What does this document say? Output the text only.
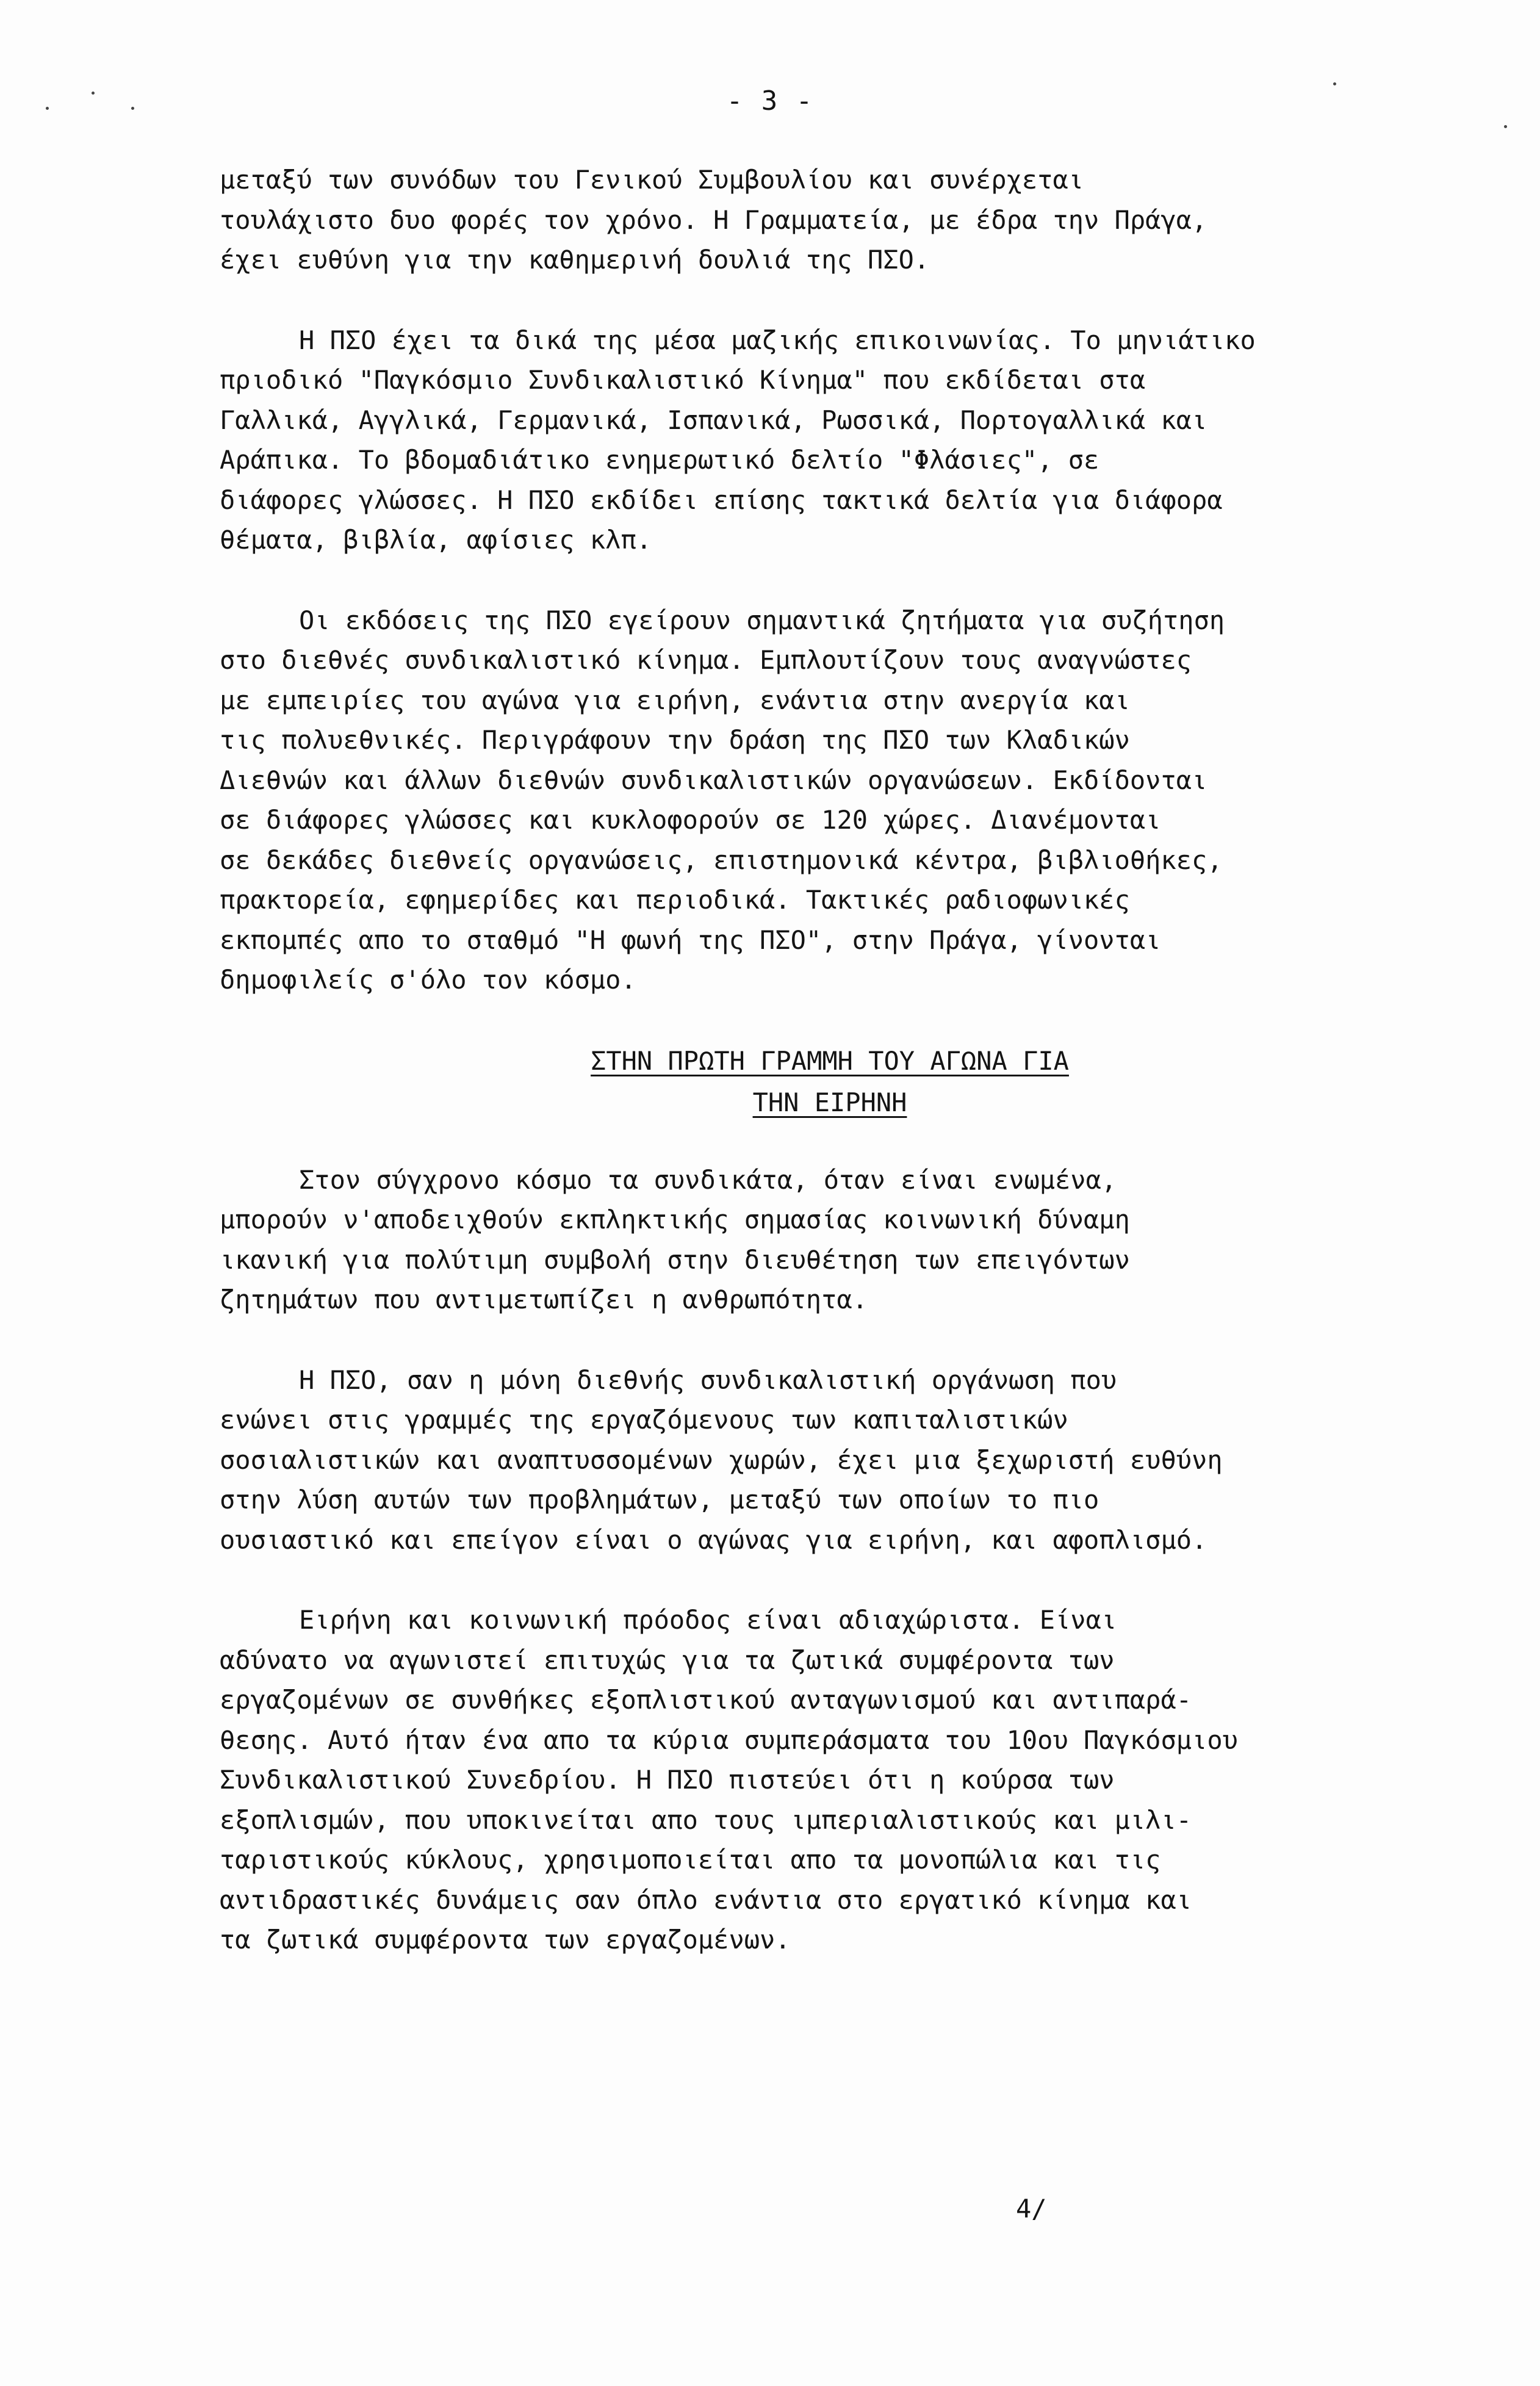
- 3 -
μεταξύ των συνόδων του Γενικού Συμβουλίου και συνέρχεται
τουλάχιστο δυο φορές τον χρόνο. Η Γραμματεία, με έδρα την Πράγα,
έχει ευθύνη για την καθημερινή δουλιά της ΠΣΟ.
Η ΠΣΟ έχει τα δικά της μέσα μαζικής επικοινωνίας. Το μηνιάτικο
πριοδικό "Παγκόσμιο Συνδικαλιστικό Κίνημα" που εκδίδεται στα
Γαλλικά, Αγγλικά, Γερμανικά, Ισπανικά, Ρωσσικά, Πορτογαλλικά και
Αράπικα. Το βδομαδιάτικο ενημερωτικό δελτίο "Φλάσιες", σε
διάφορες γλώσσες. Η ΠΣΟ εκδίδει επίσης τακτικά δελτία για διάφορα
θέματα, βιβλία, αφίσιες κλπ.
Οι εκδόσεις της ΠΣΟ εγείρουν σημαντικά ζητήματα για συζήτηση
στο διεθνές συνδικαλιστικό κίνημα. Εμπλουτίζουν τους αναγνώστες
με εμπειρίες του αγώνα για ειρήνη, ενάντια στην ανεργία και
τις πολυεθνικές. Περιγράφουν την δράση της ΠΣΟ των Κλαδικών
Διεθνών και άλλων διεθνών συνδικαλιστικών οργανώσεων. Εκδίδονται
σε διάφορες γλώσσες και κυκλοφορούν σε 120 χώρες. Διανέμονται
σε δεκάδες διεθνείς οργανώσεις, επιστημονικά κέντρα, βιβλιοθήκες,
πρακτορεία, εφημερίδες και περιοδικά. Τακτικές ραδιοφωνικές
εκπομπές απο το σταθμό "Η φωνή της ΠΣΟ", στην Πράγα, γίνονται
δημοφιλείς σ'όλο τον κόσμο.
ΣΤΗΝ ΠΡΩΤΗ ΓΡΑΜΜΗ ΤΟΥ ΑΓΩΝΑ ΓΙΑ
ΤΗΝ ΕΙΡΗΝΗ
Στον σύγχρονο κόσμο τα συνδικάτα, όταν είναι ενωμένα,
μπορούν ν'αποδειχθούν εκπληκτικής σημασίας κοινωνική δύναμη
ικανική για πολύτιμη συμβολή στην διευθέτηση των επειγόντων
ζητημάτων που αντιμετωπίζει η ανθρωπότητα.
Η ΠΣΟ, σαν η μόνη διεθνής συνδικαλιστική οργάνωση που
ενώνει στις γραμμές της εργαζόμενους των καπιταλιστικών
σοσιαλιστικών και αναπτυσσομένων χωρών, έχει μια ξεχωριστή ευθύνη
στην λύση αυτών των προβλημάτων, μεταξύ των οποίων το πιο
ουσιαστικό και επείγον είναι ο αγώνας για ειρήνη, και αφοπλισμό.
Ειρήνη και κοινωνική πρόοδος είναι αδιαχώριστα. Είναι
αδύνατο να αγωνιστεί επιτυχώς για τα ζωτικά συμφέροντα των
εργαζομένων σε συνθήκες εξοπλιστικού ανταγωνισμού και αντιπαρά-
θεσης. Αυτό ήταν ένα απο τα κύρια συμπεράσματα του 10ου Παγκόσμιου
Συνδικαλιστικού Συνεδρίου. Η ΠΣΟ πιστεύει ότι η κούρσα των
εξοπλισμών, που υποκινείται απο τους ιμπεριαλιστικούς και μιλι-
ταριστικούς κύκλους, χρησιμοποιείται απο τα μονοπώλια και τις
αντιδραστικές δυνάμεις σαν όπλο ενάντια στο εργατικό κίνημα και
τα ζωτικά συμφέροντα των εργαζομένων.
4/
